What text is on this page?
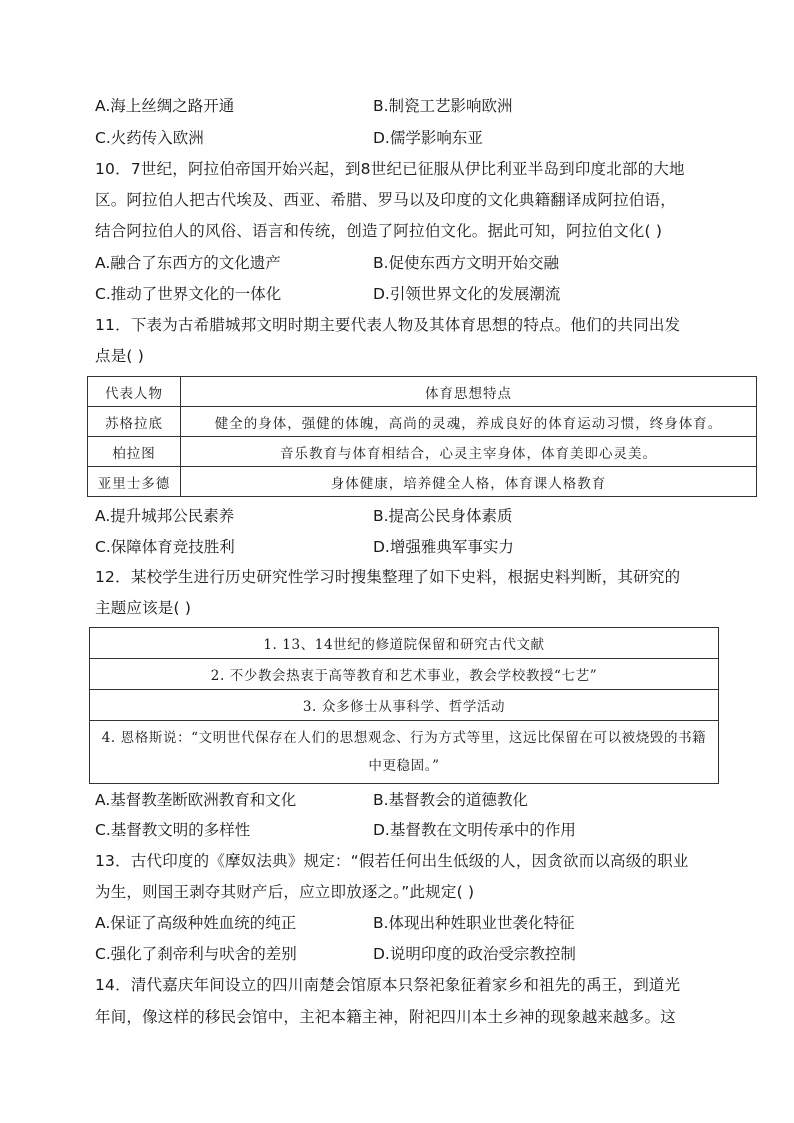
A.海上丝绸之路开通	B.制瓷工艺影响欧洲
C.火药传入欧洲	D.儒学影响东亚
10．7世纪，阿拉伯帝国开始兴起，到8世纪已征服从伊比利亚半岛到印度北部的大地
区。阿拉伯人把古代埃及、西亚、希腊、罗马以及印度的文化典籍翻译成阿拉伯语，
结合阿拉伯人的风俗、语言和传统，创造了阿拉伯文化。据此可知，阿拉伯文化( )
A.融合了东西方的文化遗产	B.促使东西方文明开始交融
C.推动了世界文化的一体化	D.引领世界文化的发展潮流
11．下表为古希腊城邦文明时期主要代表人物及其体育思想的特点。他们的共同出发
点是( )
代表人物	体育思想特点
苏格拉底	健全的身体，强健的体魄，高尚的灵魂，养成良好的体育运动习惯，终身体育。
柏拉图	音乐教育与体育相结合，心灵主宰身体，体育美即心灵美。
亚里士多德	身体健康，培养健全人格，体育课人格教育
A.提升城邦公民素养	B.提高公民身体素质
C.保障体育竞技胜利	D.增强雅典军事实力
12．某校学生进行历史研究性学习时搜集整理了如下史料，根据史料判断，其研究的
主题应该是( )
1. 13、14世纪的修道院保留和研究古代文献
2. 不少教会热衷于高等教育和艺术事业，教会学校教授“七艺”
3. 众多修士从事科学、哲学活动
4. 恩格斯说：“文明世代保存在人们的思想观念、行为方式等里，这远比保留在可以被烧毁的书籍中更稳固。”
A.基督教垄断欧洲教育和文化	B.基督教会的道德教化
C.基督教文明的多样性	D.基督教在文明传承中的作用
13．古代印度的《摩奴法典》规定：“假若任何出生低级的人，因贪欲而以高级的职业
为生，则国王剥夺其财产后，应立即放逐之。”此规定( )
A.保证了高级种姓血统的纯正	B.体现出种姓职业世袭化特征
C.强化了刹帝利与吠舍的差别	D.说明印度的政治受宗教控制
14．清代嘉庆年间设立的四川南楚会馆原本只祭祀象征着家乡和祖先的禹王，到道光
年间，像这样的移民会馆中，主祀本籍主神，附祀四川本土乡神的现象越来越多。这
